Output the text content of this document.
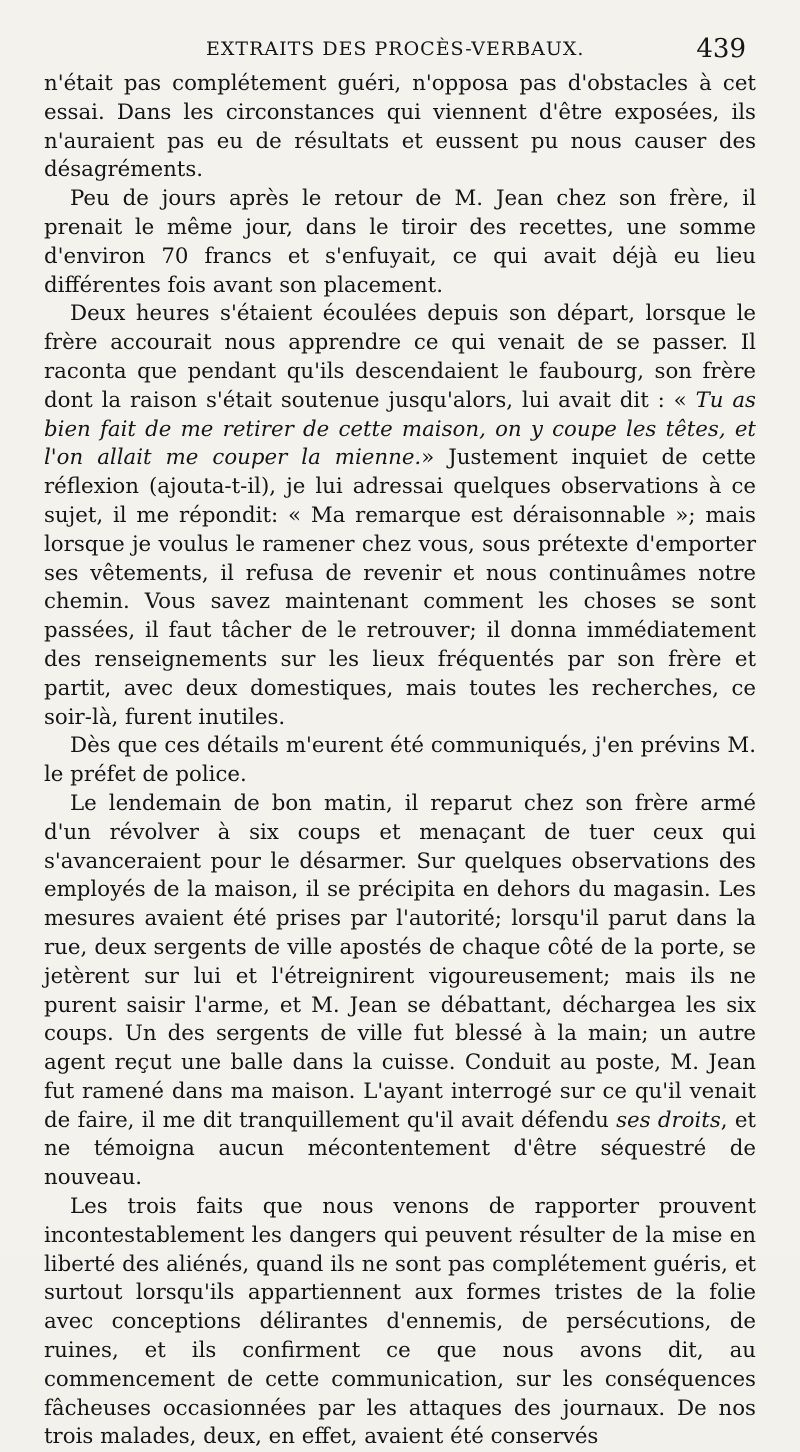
EXTRAITS DES PROCÈS-VERBAUX.	439

n'était pas complétement guéri, n'opposa pas d'obstacles à cet essai. Dans les circonstances qui viennent d'être exposées, ils n'auraient pas eu de résultats et eussent pu nous causer des désagréments.

Peu de jours après le retour de M. Jean chez son frère, il prenait le même jour, dans le tiroir des recettes, une somme d'environ 70 francs et s'enfuyait, ce qui avait déjà eu lieu différentes fois avant son placement.

Deux heures s'étaient écoulées depuis son départ, lorsque le frère accourait nous apprendre ce qui venait de se passer. Il raconta que pendant qu'ils descendaient le faubourg, son frère dont la raison s'était soutenue jusqu'alors, lui avait dit : « Tu as bien fait de me retirer de cette maison, on y coupe les têtes, et l'on allait me couper la mienne.» Justement inquiet de cette réflexion (ajouta-t-il), je lui adressai quelques observations à ce sujet, il me répondit: « Ma remarque est déraisonnable »; mais lorsque je voulus le ramener chez vous, sous prétexte d'emporter ses vêtements, il refusa de revenir et nous continuâmes notre chemin. Vous savez maintenant comment les choses se sont passées, il faut tâcher de le retrouver; il donna immédiatement des renseignements sur les lieux fréquentés par son frère et partit, avec deux domestiques, mais toutes les recherches, ce soir-là, furent inutiles.

Dès que ces détails m'eurent été communiqués, j'en prévins M. le préfet de police.

Le lendemain de bon matin, il reparut chez son frère armé d'un révolver à six coups et menaçant de tuer ceux qui s'avanceraient pour le désarmer. Sur quelques observations des employés de la maison, il se précipita en dehors du magasin. Les mesures avaient été prises par l'autorité; lorsqu'il parut dans la rue, deux sergents de ville apostés de chaque côté de la porte, se jetèrent sur lui et l'étreignirent vigoureusement; mais ils ne purent saisir l'arme, et M. Jean se débattant, déchargea les six coups. Un des sergents de ville fut blessé à la main; un autre agent reçut une balle dans la cuisse. Conduit au poste, M. Jean fut ramené dans ma maison. L'ayant interrogé sur ce qu'il venait de faire, il me dit tranquillement qu'il avait défendu ses droits, et ne témoigna aucun mécontentement d'être séquestré de nouveau.

Les trois faits que nous venons de rapporter prouvent incontestablement les dangers qui peuvent résulter de la mise en liberté des aliénés, quand ils ne sont pas complétement guéris, et surtout lorsqu'ils appartiennent aux formes tristes de la folie avec conceptions délirantes d'ennemis, de persécutions, de ruines, et ils confirment ce que nous avons dit, au commencement de cette communication, sur les conséquences fâcheuses occasionnées par les attaques des journaux. De nos trois malades, deux, en effet, avaient été conservés
